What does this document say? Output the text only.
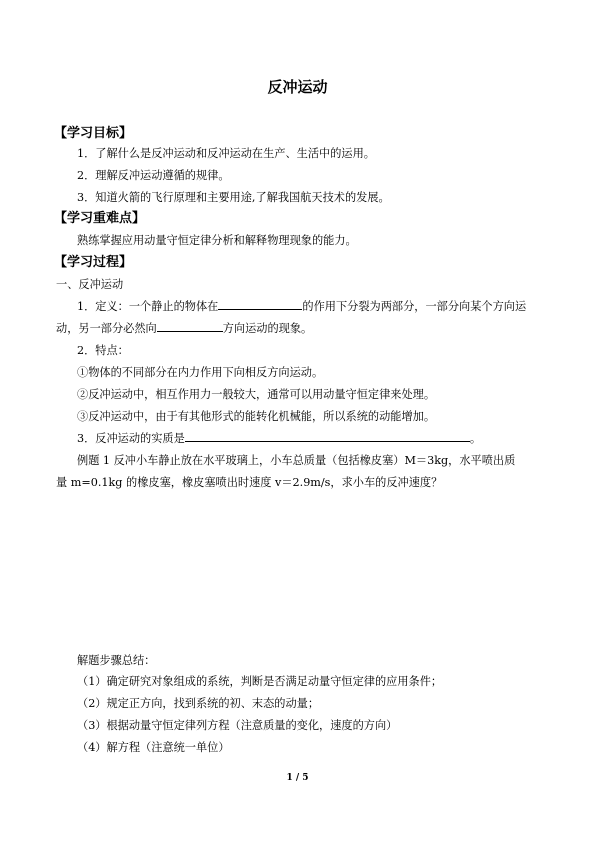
反冲运动
【学习目标】
1．了解什么是反冲运动和反冲运动在生产、生活中的运用。
2．理解反冲运动遵循的规律。
3．知道火箭的飞行原理和主要用途,了解我国航天技术的发展。
【学习重难点】
熟练掌握应用动量守恒定律分析和解释物理现象的能力。
【学习过程】
一、反冲运动
1．定义：一个静止的物体在	的作用下分裂为两部分，一部分向某个方向运
动，另一部分必然向	方向运动的现象。
2．特点：
①物体的不同部分在内力作用下向相反方向运动。
②反冲运动中，相互作用力一般较大，通常可以用动量守恒定律来处理。
③反冲运动中，由于有其他形式的能转化机械能，所以系统的动能增加。
3．反冲运动的实质是	。
例题 1 反冲小车静止放在水平玻璃上，小车总质量（包括橡皮塞）M＝3kg，水平喷出质
量 m=0.1kg 的橡皮塞，橡皮塞喷出时速度 v＝2.9m/s，求小车的反冲速度？
解题步骤总结：
（1）确定研究对象组成的系统，判断是否满足动量守恒定律的应用条件；
（2）规定正方向，找到系统的初、末态的动量；
（3）根据动量守恒定律列方程（注意质量的变化，速度的方向）
（4）解方程（注意统一单位）
1 / 5
